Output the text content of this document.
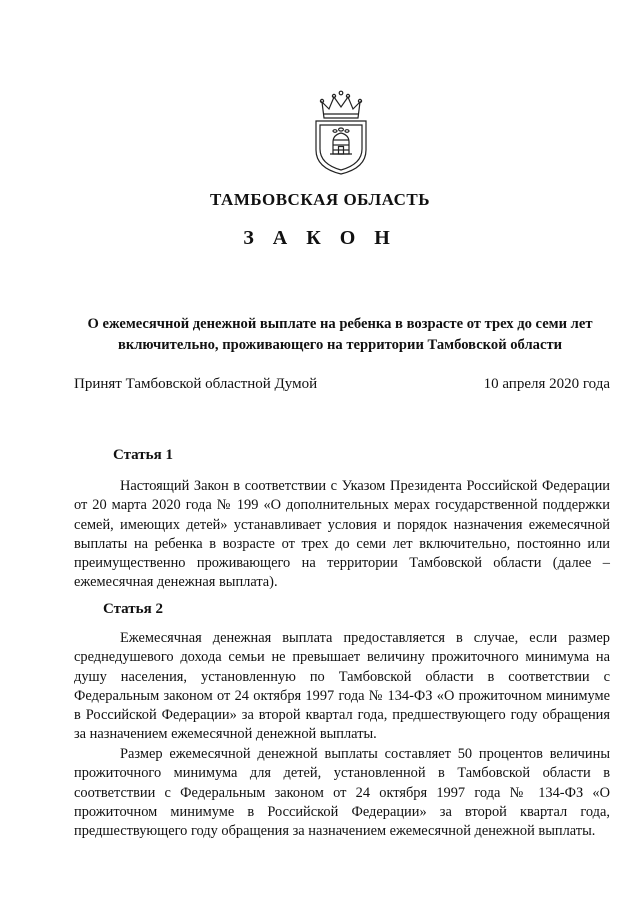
ТАМБОВСКАЯ ОБЛАСТЬ
З А К О Н
О ежемесячной денежной выплате на ребенка в возрасте от трех до семи лет включительно, проживающего на территории Тамбовской области
Принят Тамбовской областной Думой	10 апреля 2020 года
Статья 1

Настоящий Закон в соответствии с Указом Президента Российской Федерации от 20 марта 2020 года № 199 «О дополнительных мерах государственной поддержки семей, имеющих детей» устанавливает условия и порядок назначения ежемесячной выплаты на ребенка в возрасте от трех до семи лет включительно, постоянно или преимущественно проживающего на территории Тамбовской области (далее – ежемесячная денежная выплата).

Статья 2

Ежемесячная денежная выплата предоставляется в случае, если размер среднедушевого дохода семьи не превышает величину прожиточного минимума на душу населения, установленную по Тамбовской области в соответствии с Федеральным законом от 24 октября 1997 года № 134-ФЗ «О прожиточном минимуме в Российской Федерации» за второй квартал года, предшествующего году обращения за назначением ежемесячной денежной выплаты.

Размер ежемесячной денежной выплаты составляет 50 процентов величины прожиточного минимума для детей, установленной в Тамбовской области в соответствии с Федеральным законом от 24 октября 1997 года № 134-ФЗ «О прожиточном минимуме в Российской Федерации» за второй квартал года, предшествующего году обращения за назначением ежемесячной денежной выплаты.
